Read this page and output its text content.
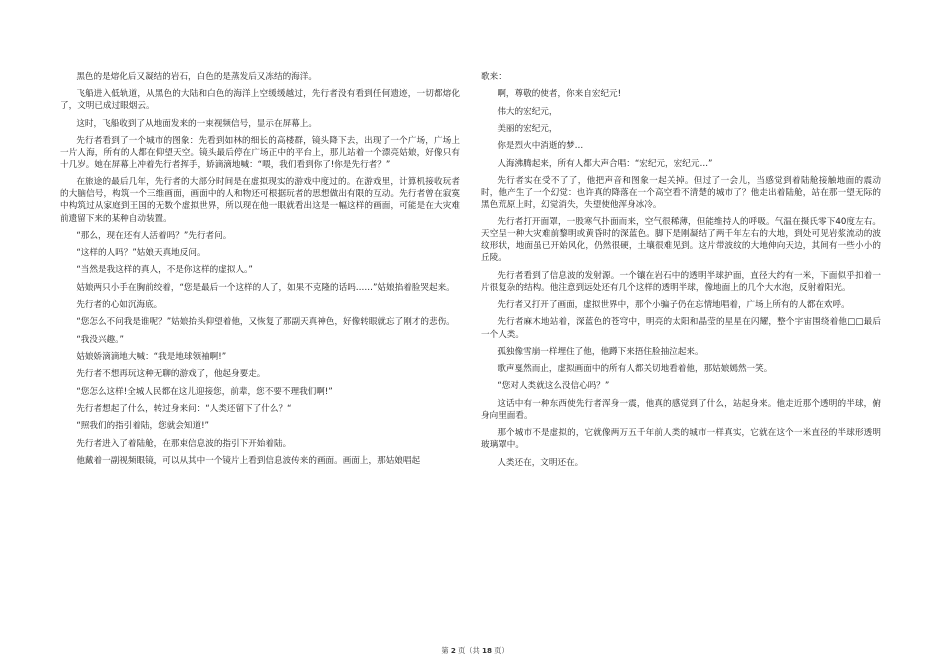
黑色的是熔化后又凝结的岩石，白色的是蒸发后又冻结的海洋。

飞船进入低轨道，从黑色的大陆和白色的海洋上空缓缓越过，先行者没有看到任何遗迹，一切都熔化了，文明已成过眼烟云。

这时，飞船收到了从地面发来的一束视频信号，显示在屏幕上。

先行者看到了一个城市的图象：先看到如林的细长的高楼群，镜头降下去，出现了一个广场，广场上一片人海，所有的人都在仰望天空。镜头最后停在广场正中的平台上，那儿站着一个漂亮姑娘，好像只有十几岁。她在屏幕上冲着先行者挥手，娇滴滴地喊：“喂，我们看到你了!你是先行者？”

在旅途的最后几年，先行者的大部分时间是在虚拟现实的游戏中度过的。在游戏里，计算机接收玩者的大脑信号，构筑一个三维画面，画面中的人和物还可根据玩者的思想做出有限的互动。先行者曾在寂寞中构筑过从家庭到王国的无数个虚拟世界，所以现在他一眼就看出这是一幅这样的画面，可能是在大灾难前遗留下来的某种自动装置。

“那么，现在还有人活着吗？”先行者问。

“这样的人吗？”姑娘天真地反问。

“当然是我这样的真人，不是你这样的虚拟人。”

姑娘两只小手在胸前绞着，“您是最后一个这样的人了，如果不克隆的话吗……”姑娘掐着脸哭起来。

先行者的心如沉海底。

“您怎么不问我是谁呢？”姑娘抬头仰望着他，又恢复了那副天真神色，好像转眼就忘了刚才的悲伤。

“我没兴趣。”

姑娘娇滴滴地大喊：“我是地球领袖啊!”

先行者不想再玩这种无聊的游戏了，他起身要走。

“您怎么这样!全城人民都在这儿迎接您，前辈，您不要不理我们啊!”

先行者想起了什么，转过身来问：“人类还留下了什么？“

“照我们的指引着陆，您就会知道!”

先行者进入了着陆舱，在那束信息波的指引下开始着陆。

他戴着一副视频眼镜，可以从其中一个镜片上看到信息波传来的画面。画面上，那姑娘唱起

歌来：

啊，尊敬的使者，你来自宏纪元!

伟大的宏纪元，

美丽的宏纪元，

你是烈火中消逝的梦…

人海沸腾起来，所有人都大声合唱：“宏纪元，宏纪元…”

先行者实在受不了了，他把声音和图象一起关掉。但过了一会儿，当感觉到着陆舱接触地面的震动时，他产生了一个幻觉：也许真的降落在一个高空看不清楚的城市了？他走出着陆舱，站在那一望无际的黑色荒原上时，幻觉消失，失望使他浑身冰冷。

先行者打开面罩，一股寒气扑面而来，空气很稀薄，但能维持人的呼吸。气温在摄氏零下40度左右。天空呈一种大灾难前黎明或黄昏时的深蓝色。脚下是刚凝结了两千年左右的大地，到处可见岩浆流动的波纹形状，地面虽已开始风化，仍然很硬，土壤很难见到。这片带波纹的大地伸向天边，其间有一些小小的丘陵。

先行者看到了信息波的发射源。一个镶在岩石中的透明半球护面，直径大约有一米，下面似乎扣着一片很复杂的结构。他注意到远处还有几个这样的透明半球，像地面上的几个大水泡，反射着阳光。

先行者又打开了画面，虚拟世界中，那个小骗子仍在忘情地唱着，广场上所有的人都在欢呼。

先行者麻木地站着，深蓝色的苍穹中，明亮的太阳和晶莹的星星在闪耀，整个宇宙围绕着他□□最后一个人类。

孤独像雪崩一样埋住了他，他蹲下来捂住脸抽泣起来。

歌声戛然而止，虚拟画面中的所有人都关切地看着他，那姑娘嫣然一笑。

“您对人类就这么没信心吗？”

这话中有一种东西使先行者浑身一震，他真的感觉到了什么，站起身来。他走近那个透明的半球，俯身向里面看。

那个城市不是虚拟的，它就像两万五千年前人类的城市一样真实，它就在这个一米直径的半球形透明玻璃罩中。

人类还在，文明还在。

第 2 页（共 18 页）
